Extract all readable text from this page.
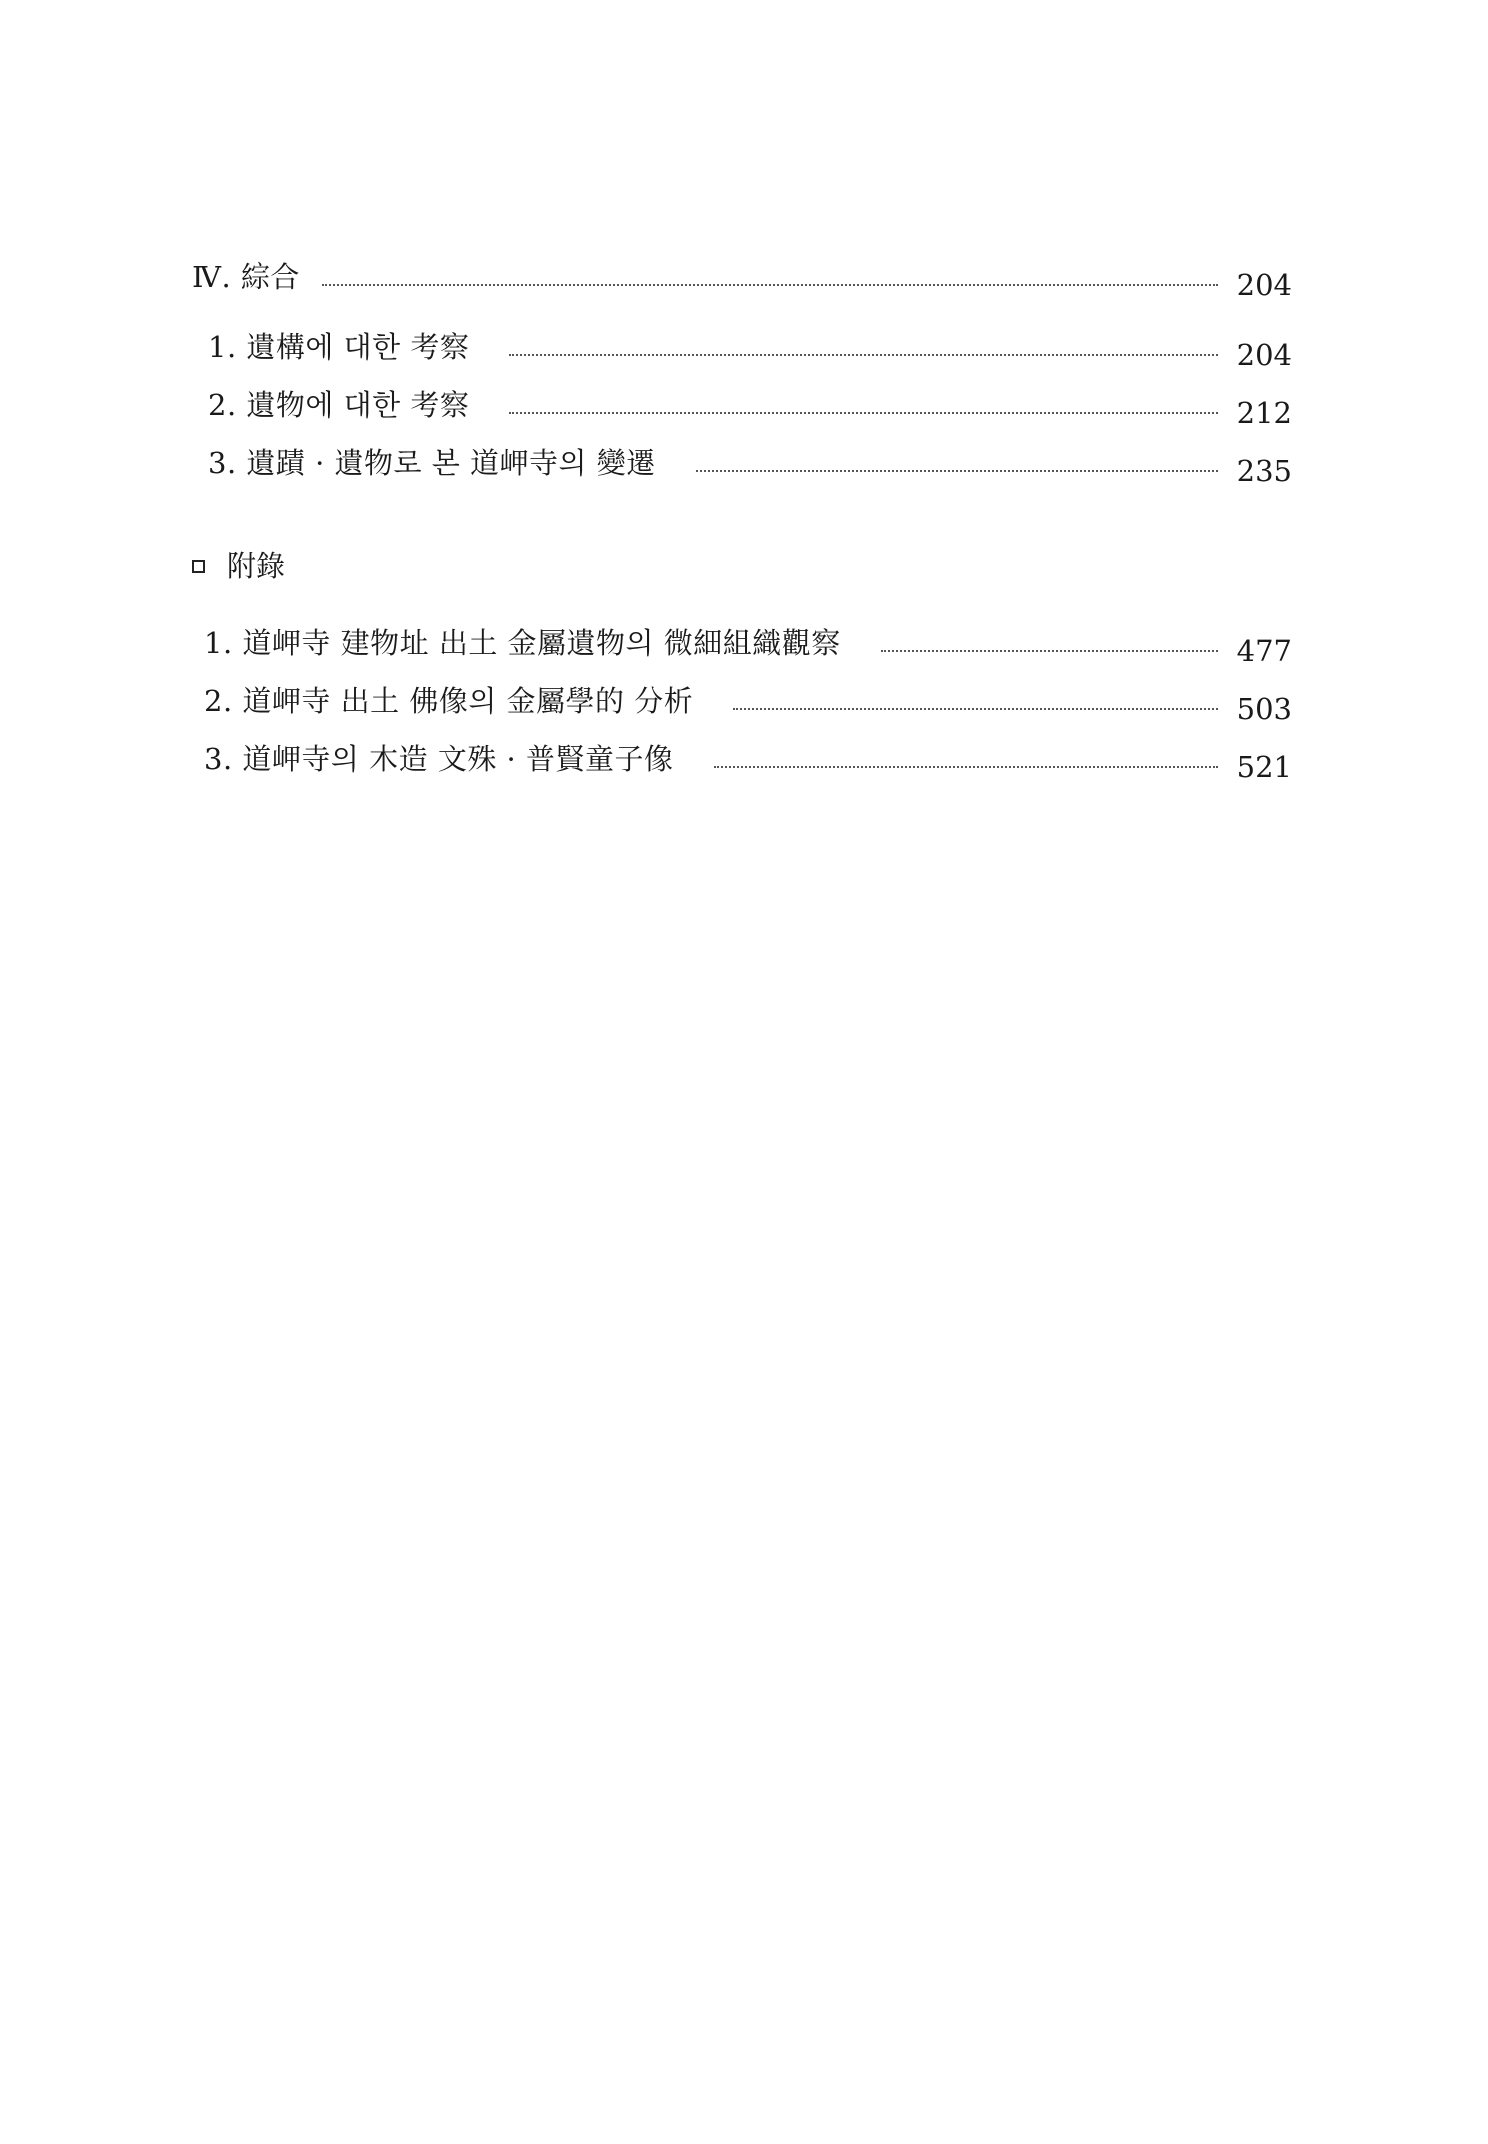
Ⅳ. 綜合	204
1. 遺構에 대한 考察	204
2. 遺物에 대한 考察	212
3. 遺蹟 · 遺物로 본 道岬寺의 變遷	235
附錄
1. 道岬寺 建物址 出土 金屬遺物의 微細組織觀察	477
2. 道岬寺 出土 佛像의 金屬學的 分析	503
3. 道岬寺의 木造 文殊 · 普賢童子像	521
